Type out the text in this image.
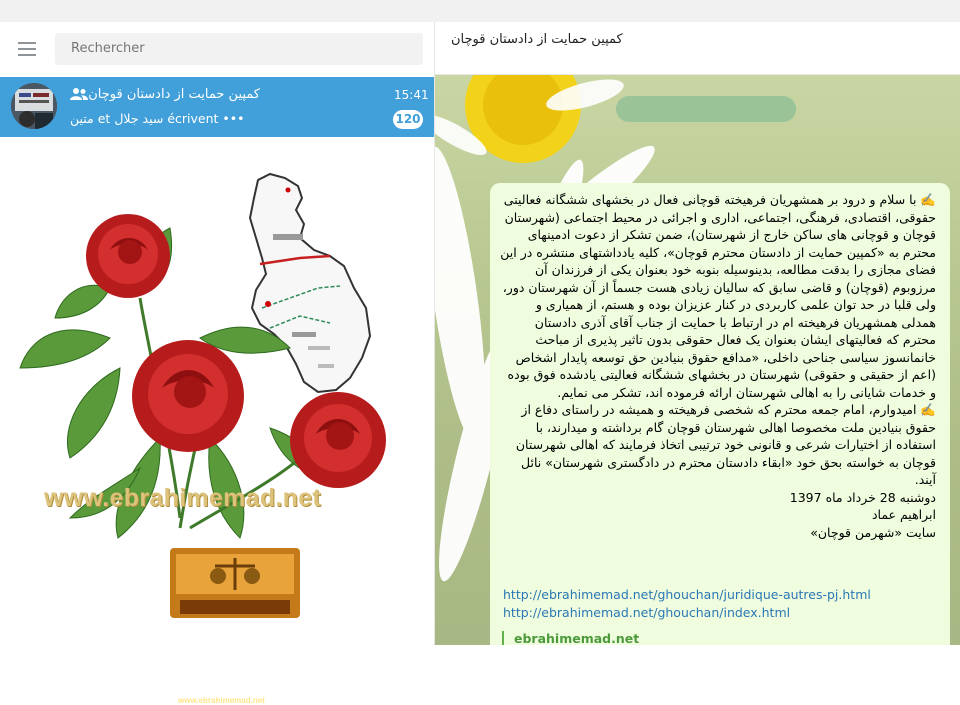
Rechercher
کمپین حمایت از دادستان قوچان	15:41
متین et سید جلال écrivent •••	120
www.ebrahimemad.net
www.ebrahimemad.net
کمپین حمایت از دادستان قوچان

✍️ با سلام و درود بر همشهریان فرهیخته قوچانی فعال در بخشهای ششگانه فعالیتی حقوقی، اقتصادی، فرهنگی، اجتماعی، اداری و اجرائی در محیط اجتماعی (شهرستان قوچان و قوچانی های ساکن خارج از شهرستان)، ضمن تشکر از دعوت ادمینهای محترم به «کمپین حمایت از دادستان محترم قوچان»، کلیه یادداشتهای منتشره در این فضای مجازی را بدقت مطالعه، بدینوسیله بنوبه خود بعنوان یکی از فرزندان آن مرزوبوم (قوچان) و قاضی سابق که سالیان زیادی هست جسماً از آن شهرستان دور، ولی قلبا در حد توان علمی کاربردی در کنار عزیزان بوده و هستم، از همیاری و همدلی همشهریان فرهیخته ام در ارتباط با حمایت از جناب آقای آذری دادستان محترم که فعالیتهای ایشان بعنوان یک فعال حقوقی بدون تاثیر پذیری از مباحث خانمانسوز سیاسی جناحی داخلی، «مدافع حقوق بنیادین حق توسعه پایدار اشخاص (اعم از حقیقی و حقوقی) شهرستان در بخشهای ششگانه فعالیتی یادشده فوق بوده و خدمات شایانی را به اهالی شهرستان ارائه فرموده اند، تشکر می نمایم.

✍️ امیدوارم، امام جمعه محترم که شخصی فرهیخته و همیشه در راستای دفاع از حقوق بنیادین ملت مخصوصا اهالی شهرستان قوچان گام برداشته و میدارند، با استفاده از اختیارات شرعی و قانونی خود ترتیبی اتخاذ فرمایند که اهالی شهرستان قوچان به خواسته بحق خود «ابقاء دادستان محترم در دادگستری شهرستان» نائل آیند.

دوشنبه 28 خرداد ماه 1397

ابراهیم عماد

سایت «شهرمن قوچان»

http://ebrahimemad.net/ghouchan/juridique-autres-pj.html
http://ebrahimemad.net/ghouchan/index.html
ebrahimemad.net
